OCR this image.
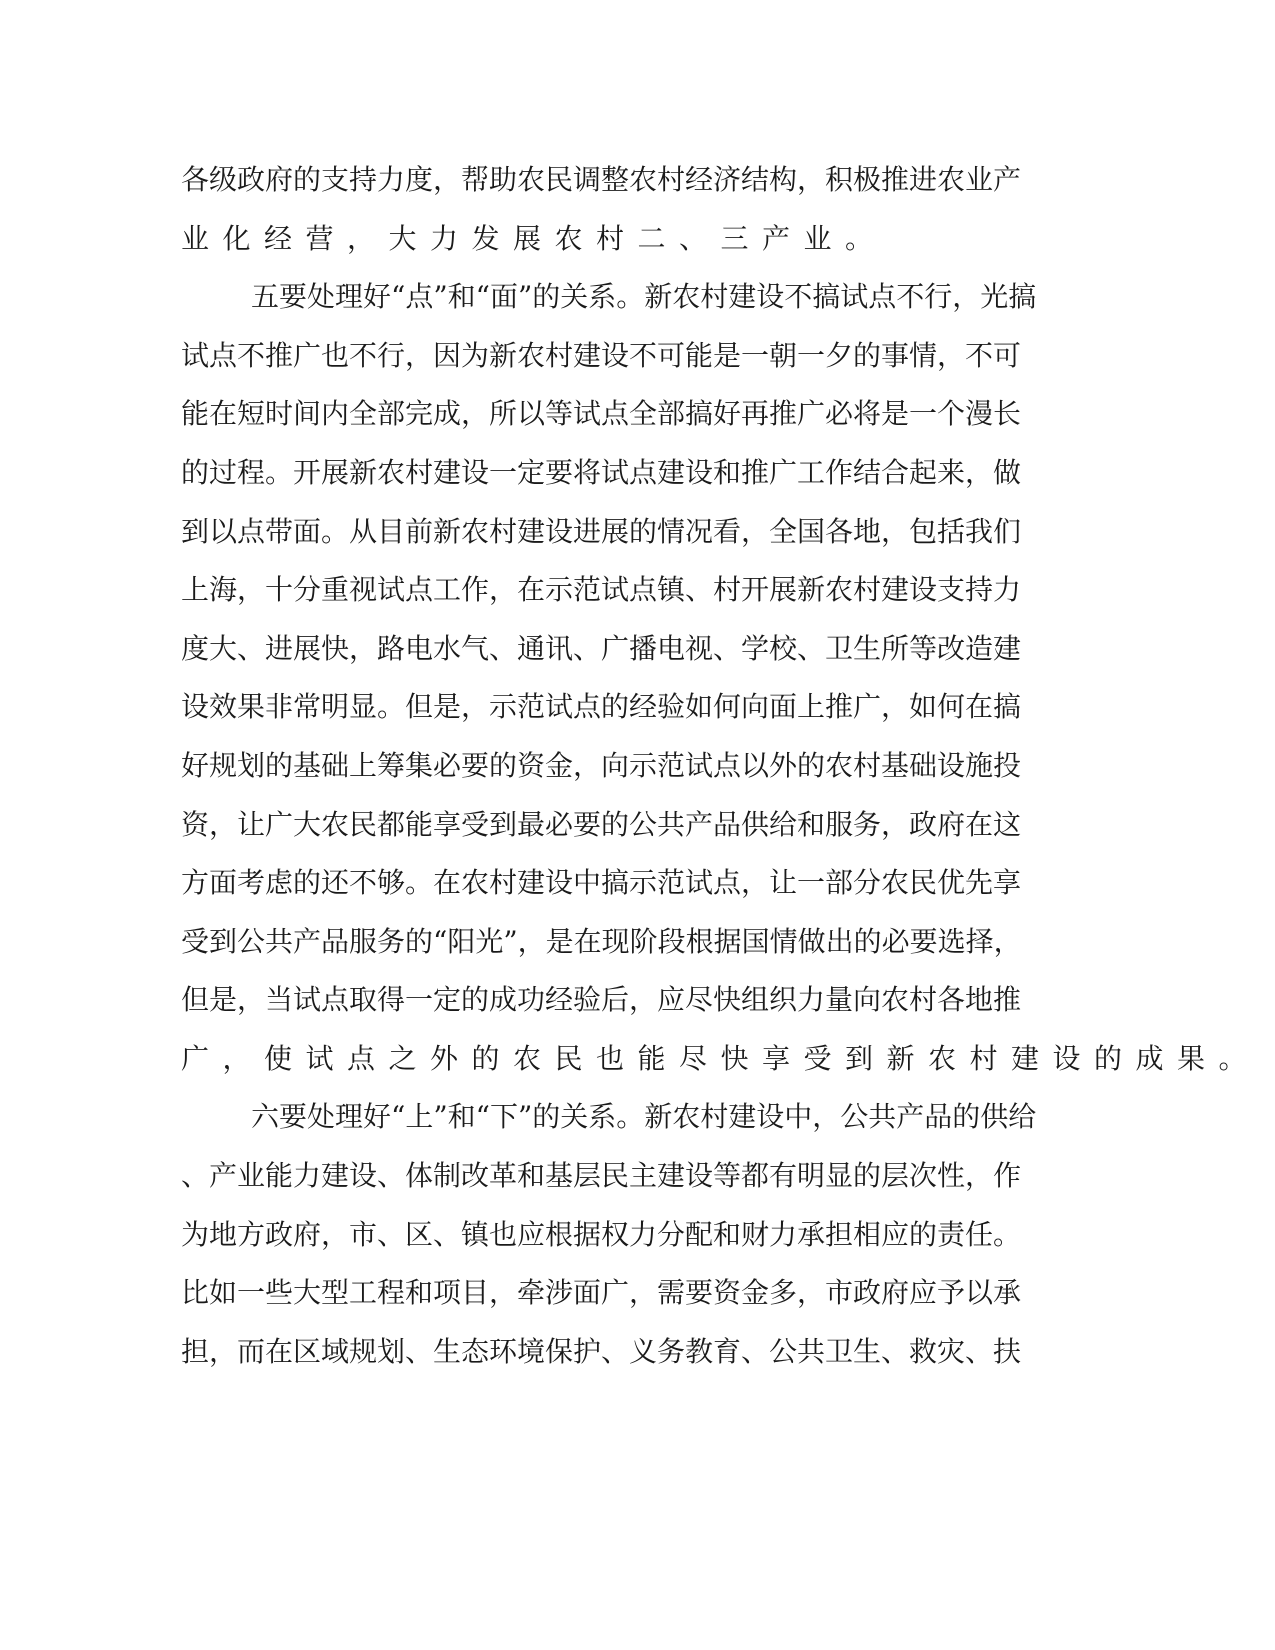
各级政府的支持力度，帮助农民调整农村经济结构，积极推进农业产
业化经营，大力发展农村二、三产业。
五要处理好“点”和“面”的关系。新农村建设不搞试点不行，光搞
试点不推广也不行，因为新农村建设不可能是一朝一夕的事情，不可
能在短时间内全部完成，所以等试点全部搞好再推广必将是一个漫长
的过程。开展新农村建设一定要将试点建设和推广工作结合起来，做
到以点带面。从目前新农村建设进展的情况看，全国各地，包括我们
上海，十分重视试点工作，在示范试点镇、村开展新农村建设支持力
度大、进展快，路电水气、通讯、广播电视、学校、卫生所等改造建
设效果非常明显。但是，示范试点的经验如何向面上推广，如何在搞
好规划的基础上筹集必要的资金，向示范试点以外的农村基础设施投
资，让广大农民都能享受到最必要的公共产品供给和服务，政府在这
方面考虑的还不够。在农村建设中搞示范试点，让一部分农民优先享
受到公共产品服务的“阳光”，是在现阶段根据国情做出的必要选择，
但是，当试点取得一定的成功经验后，应尽快组织力量向农村各地推
广，使试点之外的农民也能尽快享受到新农村建设的成果。
六要处理好“上”和“下”的关系。新农村建设中，公共产品的供给
、产业能力建设、体制改革和基层民主建设等都有明显的层次性，作
为地方政府，市、区、镇也应根据权力分配和财力承担相应的责任。
比如一些大型工程和项目，牵涉面广，需要资金多，市政府应予以承
担，而在区域规划、生态环境保护、义务教育、公共卫生、救灾、扶
